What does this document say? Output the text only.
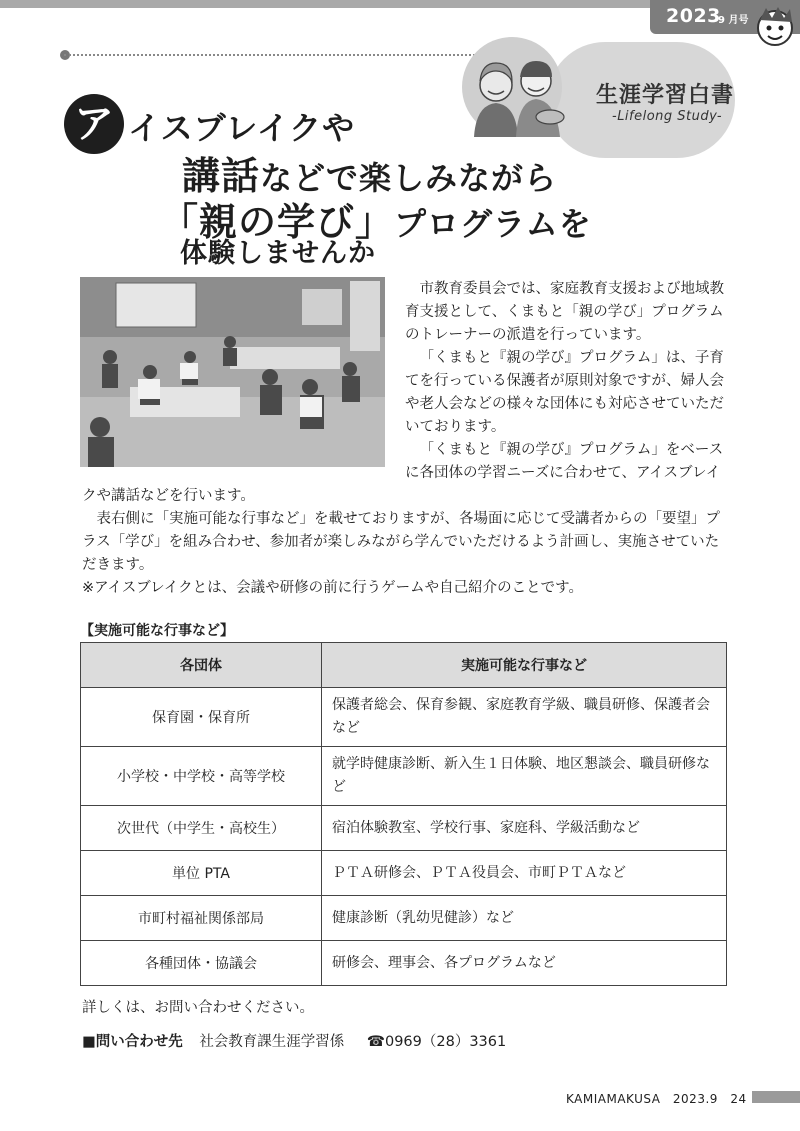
2023
9 月号
生涯学習白書
-Lifelong Study-
ア イスブレイクや
講話などで楽しみながら
「親の学び」プログラムを
体験しませんか
市教育委員会では、家庭教育支援および地域教育支援として、くまもと「親の学び」プログラムのトレーナーの派遣を行っています。
「くまもと『親の学び』プログラム」は、子育てを行っている保護者が原則対象ですが、婦人会や老人会などの様々な団体にも対応させていただいております。
「くまもと『親の学び』プログラム」をベースに各団体の学習ニーズに合わせて、アイスブレイ
クや講話などを行います。
表右側に「実施可能な行事など」を載せておりますが、各場面に応じて受講者からの「要望」プラス「学び」を組み合わせ、参加者が楽しみながら学んでいただけるよう計画し、実施させていただきます。
※アイスブレイクとは、会議や研修の前に行うゲームや自己紹介のことです。
【実施可能な行事など】
各団体	実施可能な行事など
保育園・保育所	保護者総会、保育参観、家庭教育学級、職員研修、保護者会など
小学校・中学校・高等学校	就学時健康診断、新入生１日体験、地区懇談会、職員研修など
次世代（中学生・高校生）	宿泊体験教室、学校行事、家庭科、学級活動など
単位 PTA	ＰＴＡ研修会、ＰＴＡ役員会、市町ＰＴＡなど
市町村福祉関係部局	健康診断（乳幼児健診）など
各種団体・協議会	研修会、理事会、各プログラムなど
詳しくは、お問い合わせください。
■問い合わせ先 社会教育課生涯学習係 ☎0969（28）3361
KAMIAMAKUSA　2023.9　24
